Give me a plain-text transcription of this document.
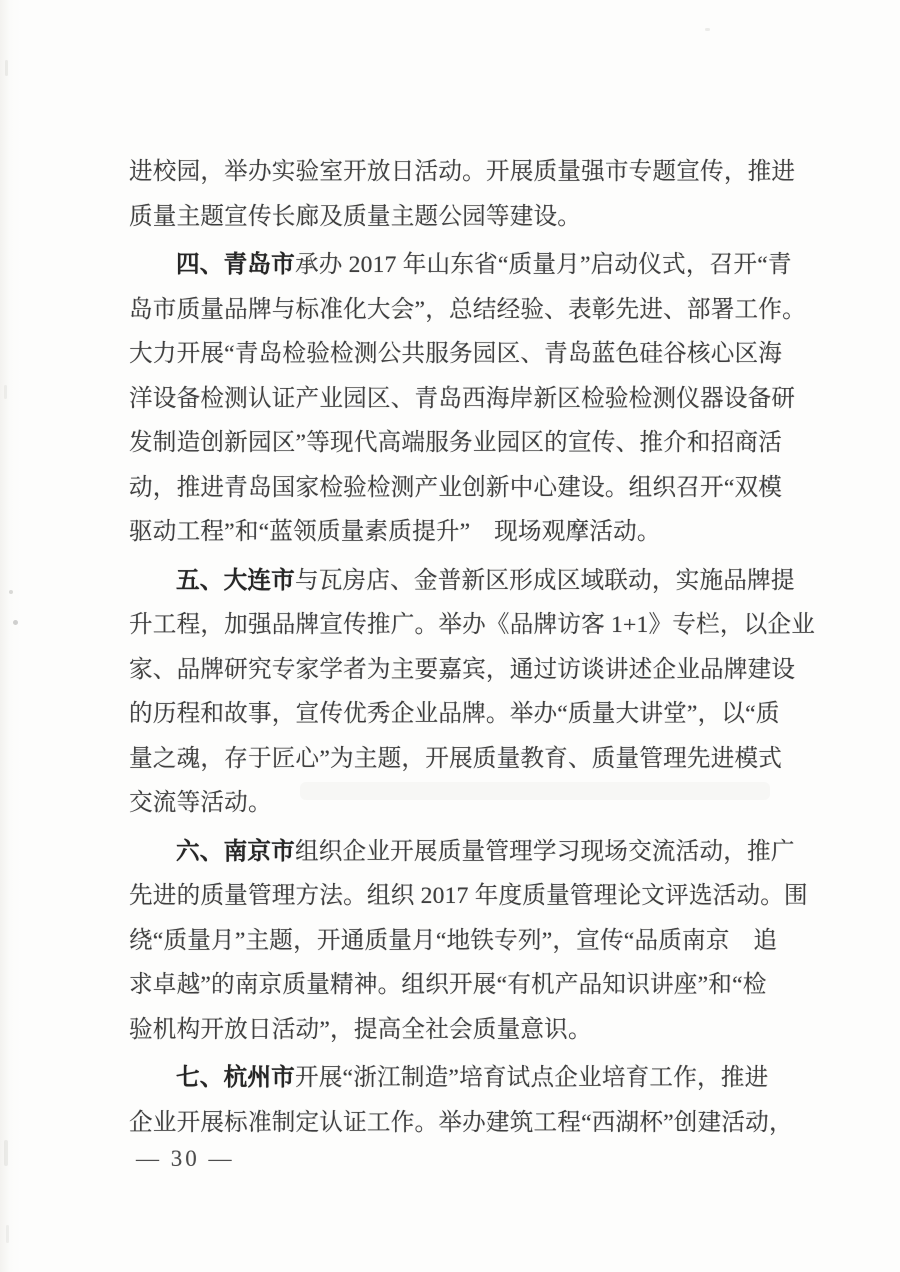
进校园，举办实验室开放日活动。开展质量强市专题宣传，推进
质量主题宣传长廊及质量主题公园等建设。
四、青岛市承办 2017 年山东省“质量月”启动仪式，召开“青
岛市质量品牌与标准化大会”，总结经验、表彰先进、部署工作。
大力开展“青岛检验检测公共服务园区、青岛蓝色硅谷核心区海
洋设备检测认证产业园区、青岛西海岸新区检验检测仪器设备研
发制造创新园区”等现代高端服务业园区的宣传、推介和招商活
动，推进青岛国家检验检测产业创新中心建设。组织召开“双模
驱动工程”和“蓝领质量素质提升”　现场观摩活动。
五、大连市与瓦房店、金普新区形成区域联动，实施品牌提
升工程，加强品牌宣传推广。举办《品牌访客 1+1》专栏，以企业
家、品牌研究专家学者为主要嘉宾，通过访谈讲述企业品牌建设
的历程和故事，宣传优秀企业品牌。举办“质量大讲堂”，以“质
量之魂，存于匠心”为主题，开展质量教育、质量管理先进模式
交流等活动。
六、南京市组织企业开展质量管理学习现场交流活动，推广
先进的质量管理方法。组织 2017 年度质量管理论文评选活动。围
绕“质量月”主题，开通质量月“地铁专列”，宣传“品质南京　追
求卓越”的南京质量精神。组织开展“有机产品知识讲座”和“检
验机构开放日活动”，提高全社会质量意识。
七、杭州市开展“浙江制造”培育试点企业培育工作，推进
企业开展标准制定认证工作。举办建筑工程“西湖杯”创建活动，
— 30 —
